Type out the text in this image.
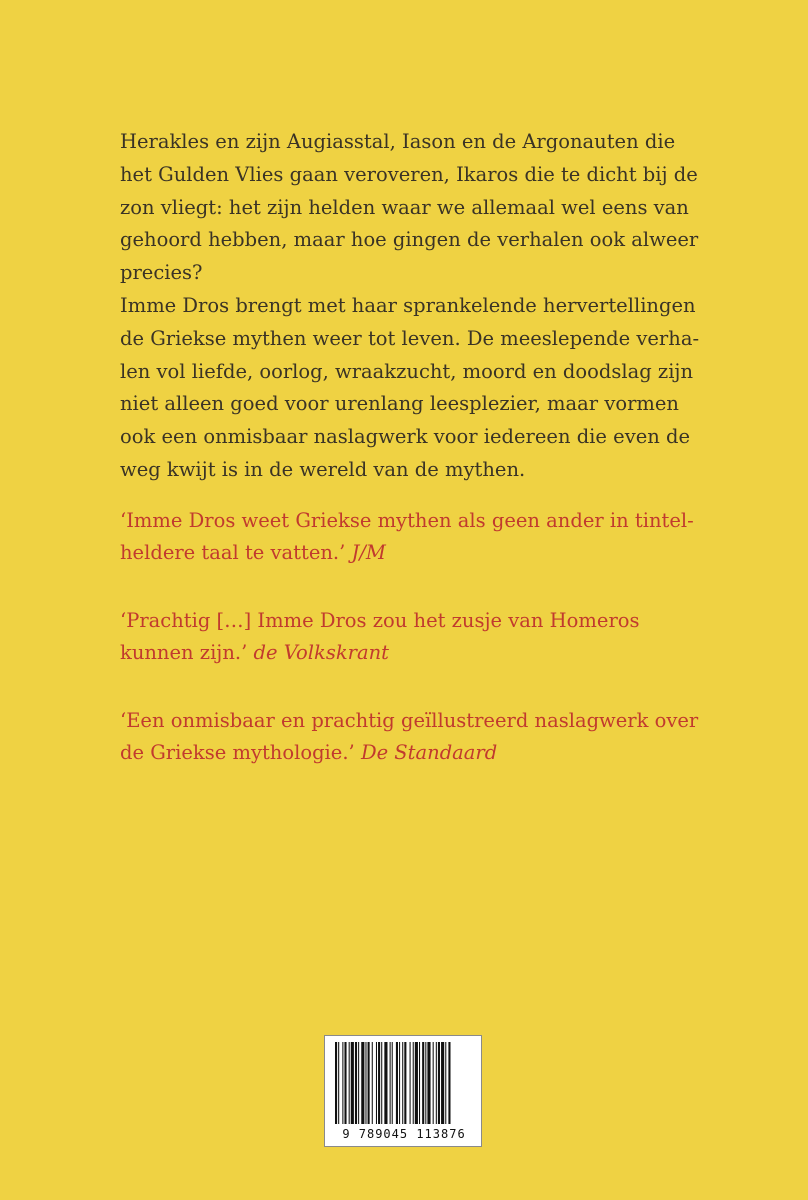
Herakles en zijn Augiasstal, Iason en de Argonauten die
het Gulden Vlies gaan veroveren, Ikaros die te dicht bij de
zon vliegt: het zijn helden waar we allemaal wel eens van
gehoord hebben, maar hoe gingen de verhalen ook alweer
precies?

Imme Dros brengt met haar sprankelende hervertellingen
de Griekse mythen weer tot leven. De meeslepende verha-
len vol liefde, oorlog, wraakzucht, moord en doodslag zijn
niet alleen goed voor urenlang leesplezier, maar vormen
ook een onmisbaar naslagwerk voor iedereen die even de
weg kwijt is in de wereld van de mythen.

‘Imme Dros weet Griekse mythen als geen ander in tintel-
heldere taal te vatten.’ J/M
‘Prachtig […] Imme Dros zou het zusje van Homeros
kunnen zijn.’ de Volkskrant
‘Een onmisbaar en prachtig geïllustreerd naslagwerk over
de Griekse mythologie.’ De Standaard
9 789045 113876
